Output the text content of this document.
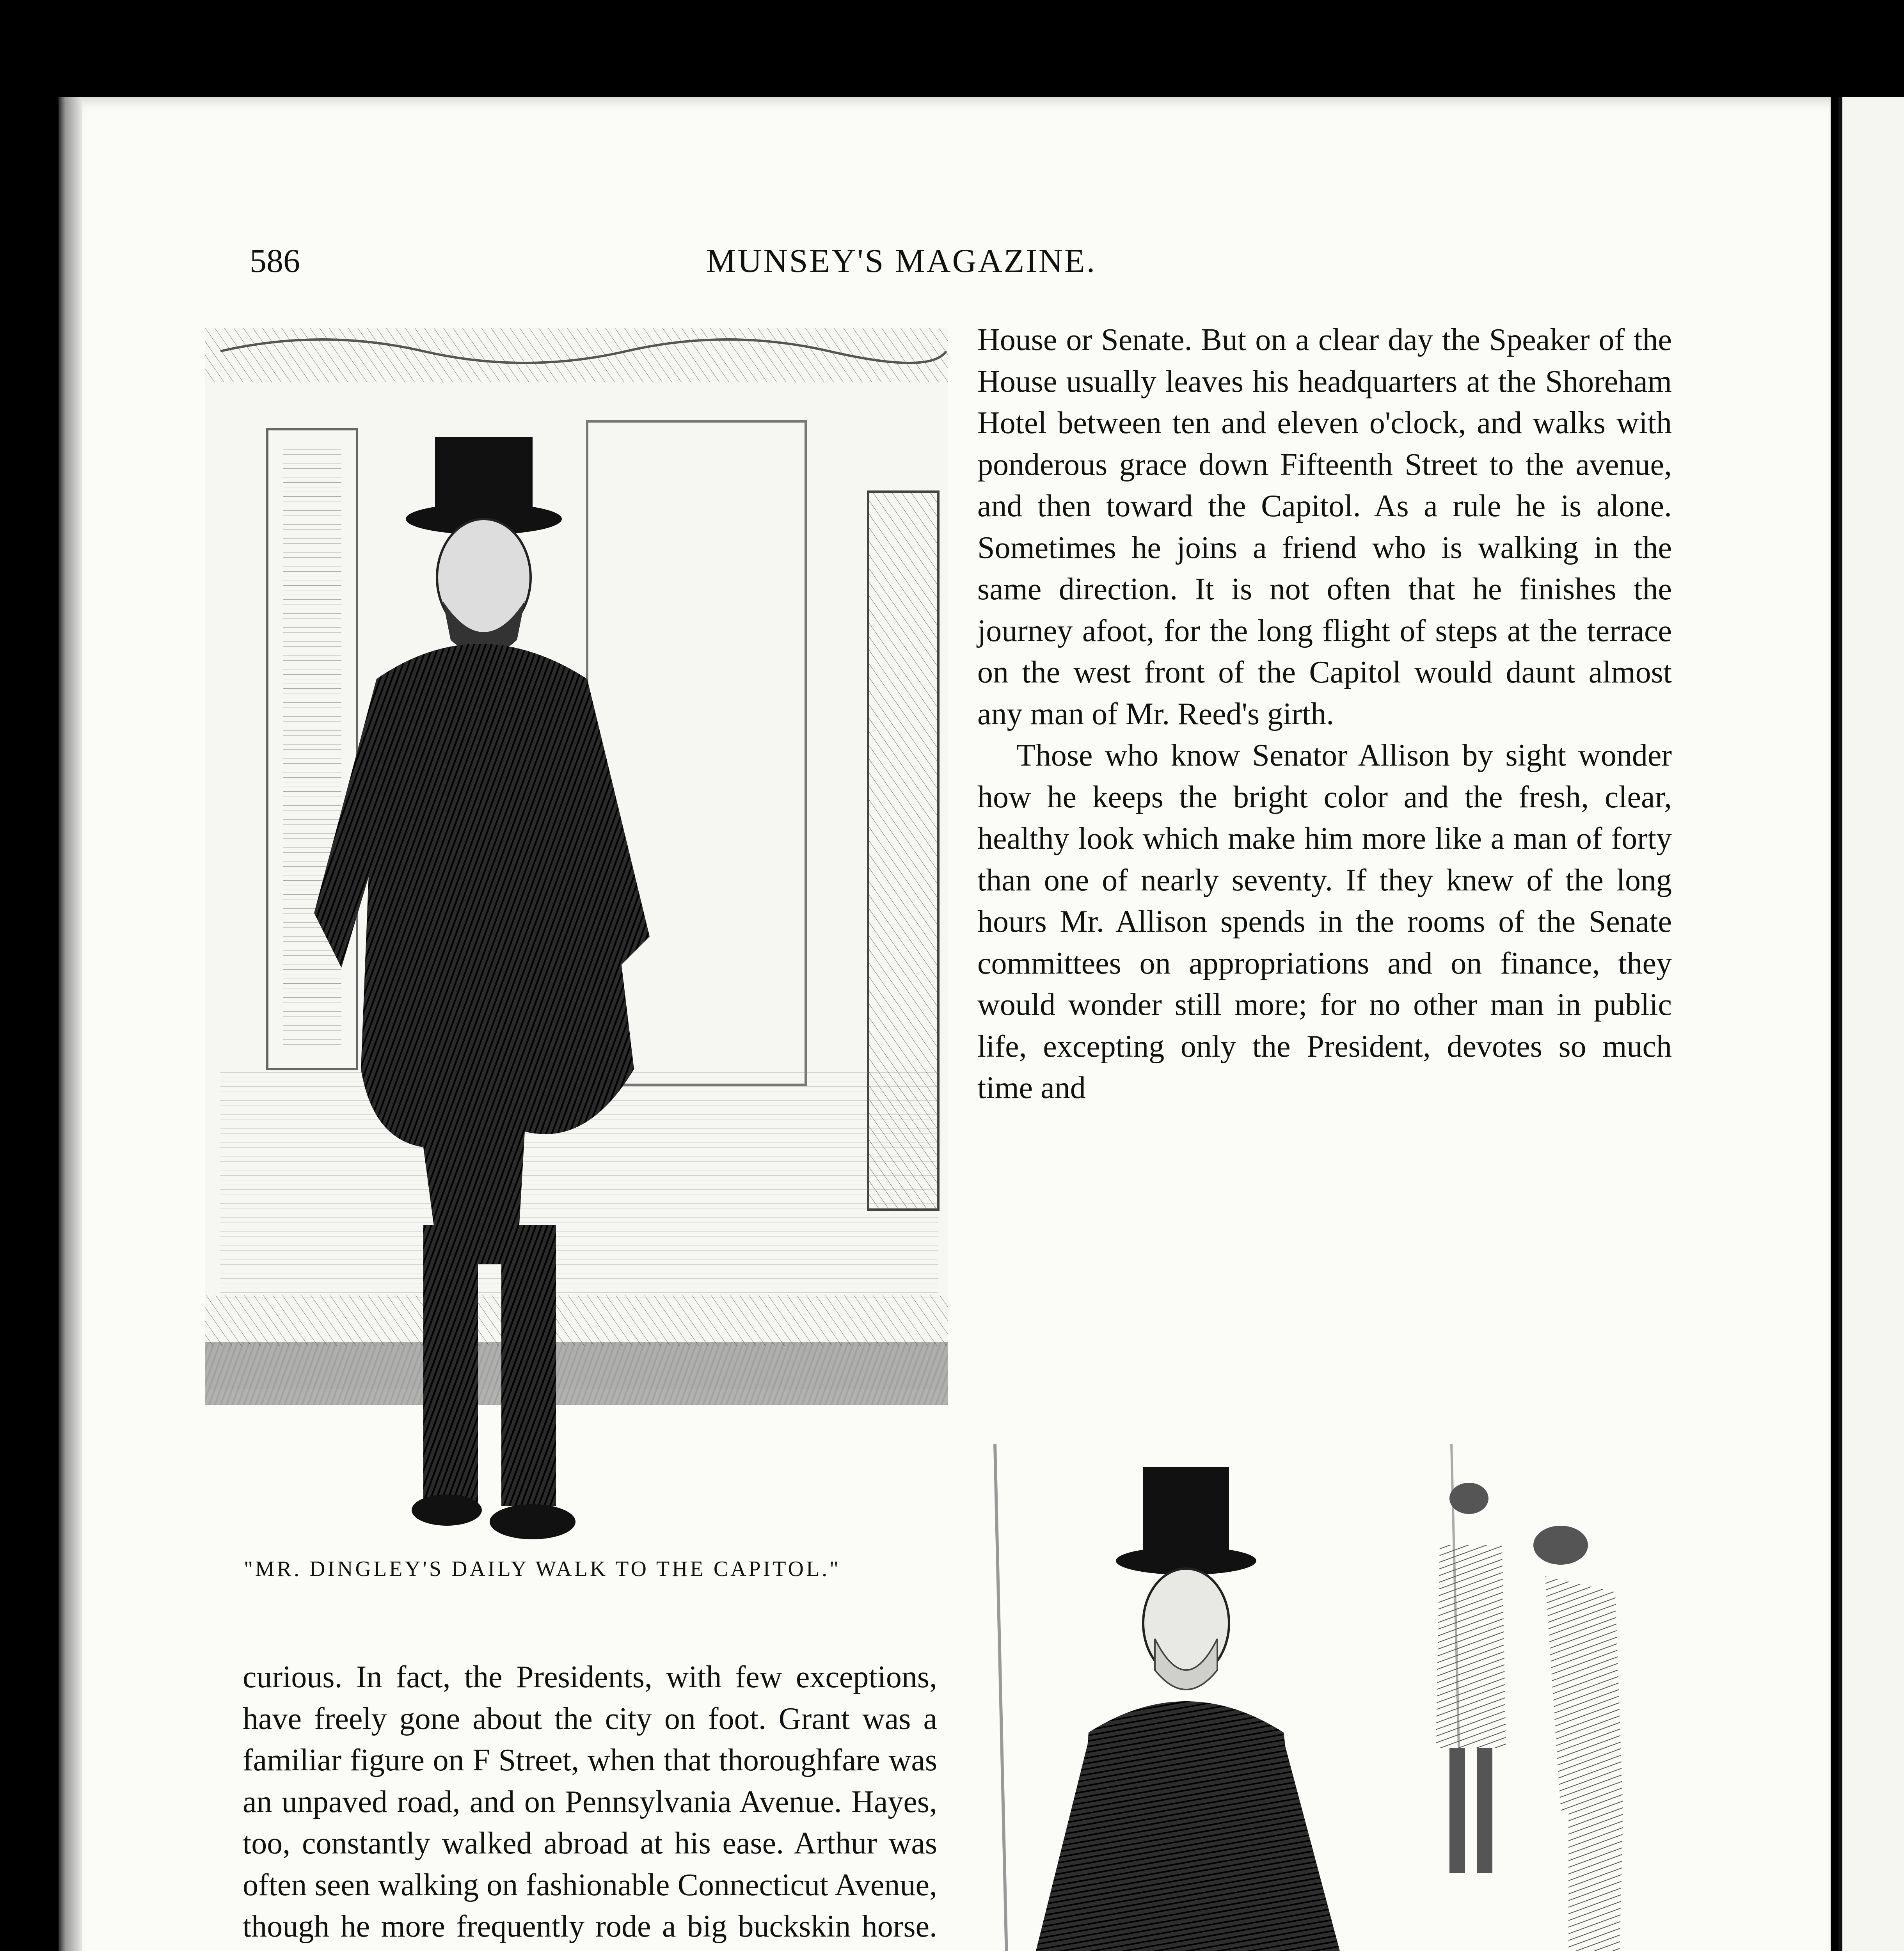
586	MUNSEY'S MAGAZINE.

House or Senate. But on a clear day the Speaker of the House usually leaves his headquarters at the Shoreham Hotel between ten and eleven o'clock, and walks with ponderous grace down Fifteenth Street to the avenue, and then toward the Capitol. As a rule he is alone. Sometimes he joins a friend who is walking in the same direction. It is not often that he finishes the journey afoot, for the long flight of steps at the terrace on the west front of the Capitol would daunt almost any man of Mr. Reed's girth.

Those who know Senator Allison by sight wonder how he keeps the bright color and the fresh, clear, healthy look which make him more like a man of forty than one of nearly seventy. If they knew of the long hours Mr. Allison spends in the rooms of the Senate committees on appropriations and on finance, they would wonder still more; for no other man in public life, excepting only the President, devotes so much time and

"MR. DINGLEY'S DAILY WALK TO THE CAPITOL."

curious. In fact, the Presidents, with few exceptions, have freely gone about the city on foot. Grant was a familiar figure on F Street, when that thoroughfare was an unpaved road, and on Pennsylvania Avenue. Hayes, too, constantly walked abroad at his ease. Arthur was often seen walking on fashionable Connecticut Avenue, though he more frequently rode a big buckskin horse.
